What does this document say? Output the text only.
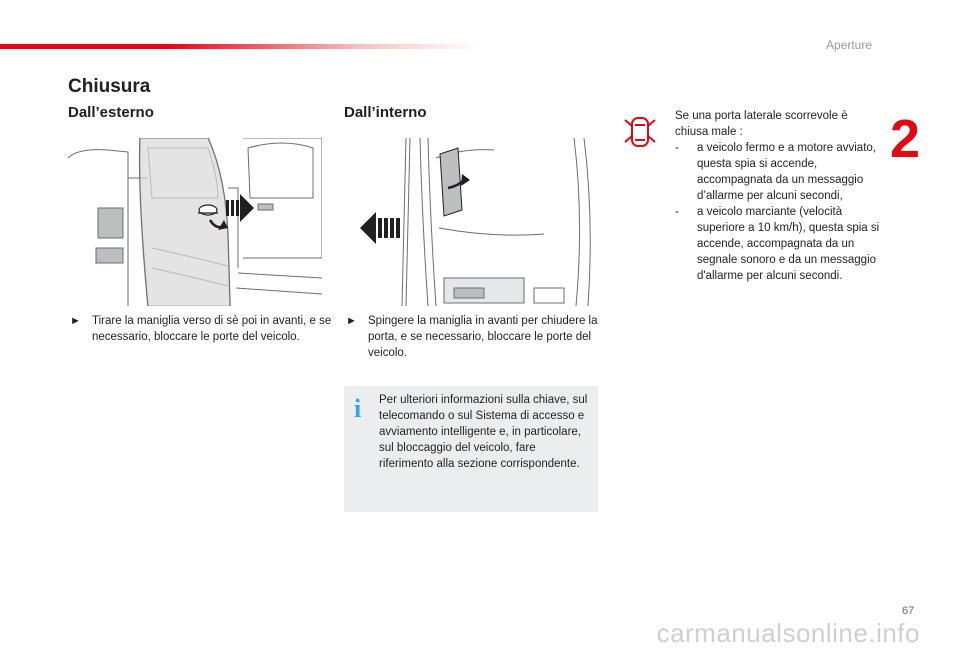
Aperture
2
Chiusura
Dall’esterno	Dall’interno
► Tirare la maniglia verso di sè poi in avanti, e se necessario, bloccare le porte del veicolo.
► Spingere la maniglia in avanti per chiudere la porta, e se necessario, bloccare le porte del veicolo.
i Per ulteriori informazioni sulla chiave, sul telecomando o sul Sistema di accesso e avviamento intelligente e, in particolare, sul bloccaggio del veicolo, fare riferimento alla sezione corrispondente.
Se una porta laterale scorrevole è chiusa male :
- a veicolo fermo e a motore avviato, questa spia si accende, accompagnata da un messaggio d’allarme per alcuni secondi,
- a veicolo marciante (velocità superiore a 10 km/h), questa spia si accende, accompagnata da un segnale sonoro e da un messaggio d'allarme per alcuni secondi.
67
carmanualsonline.info
